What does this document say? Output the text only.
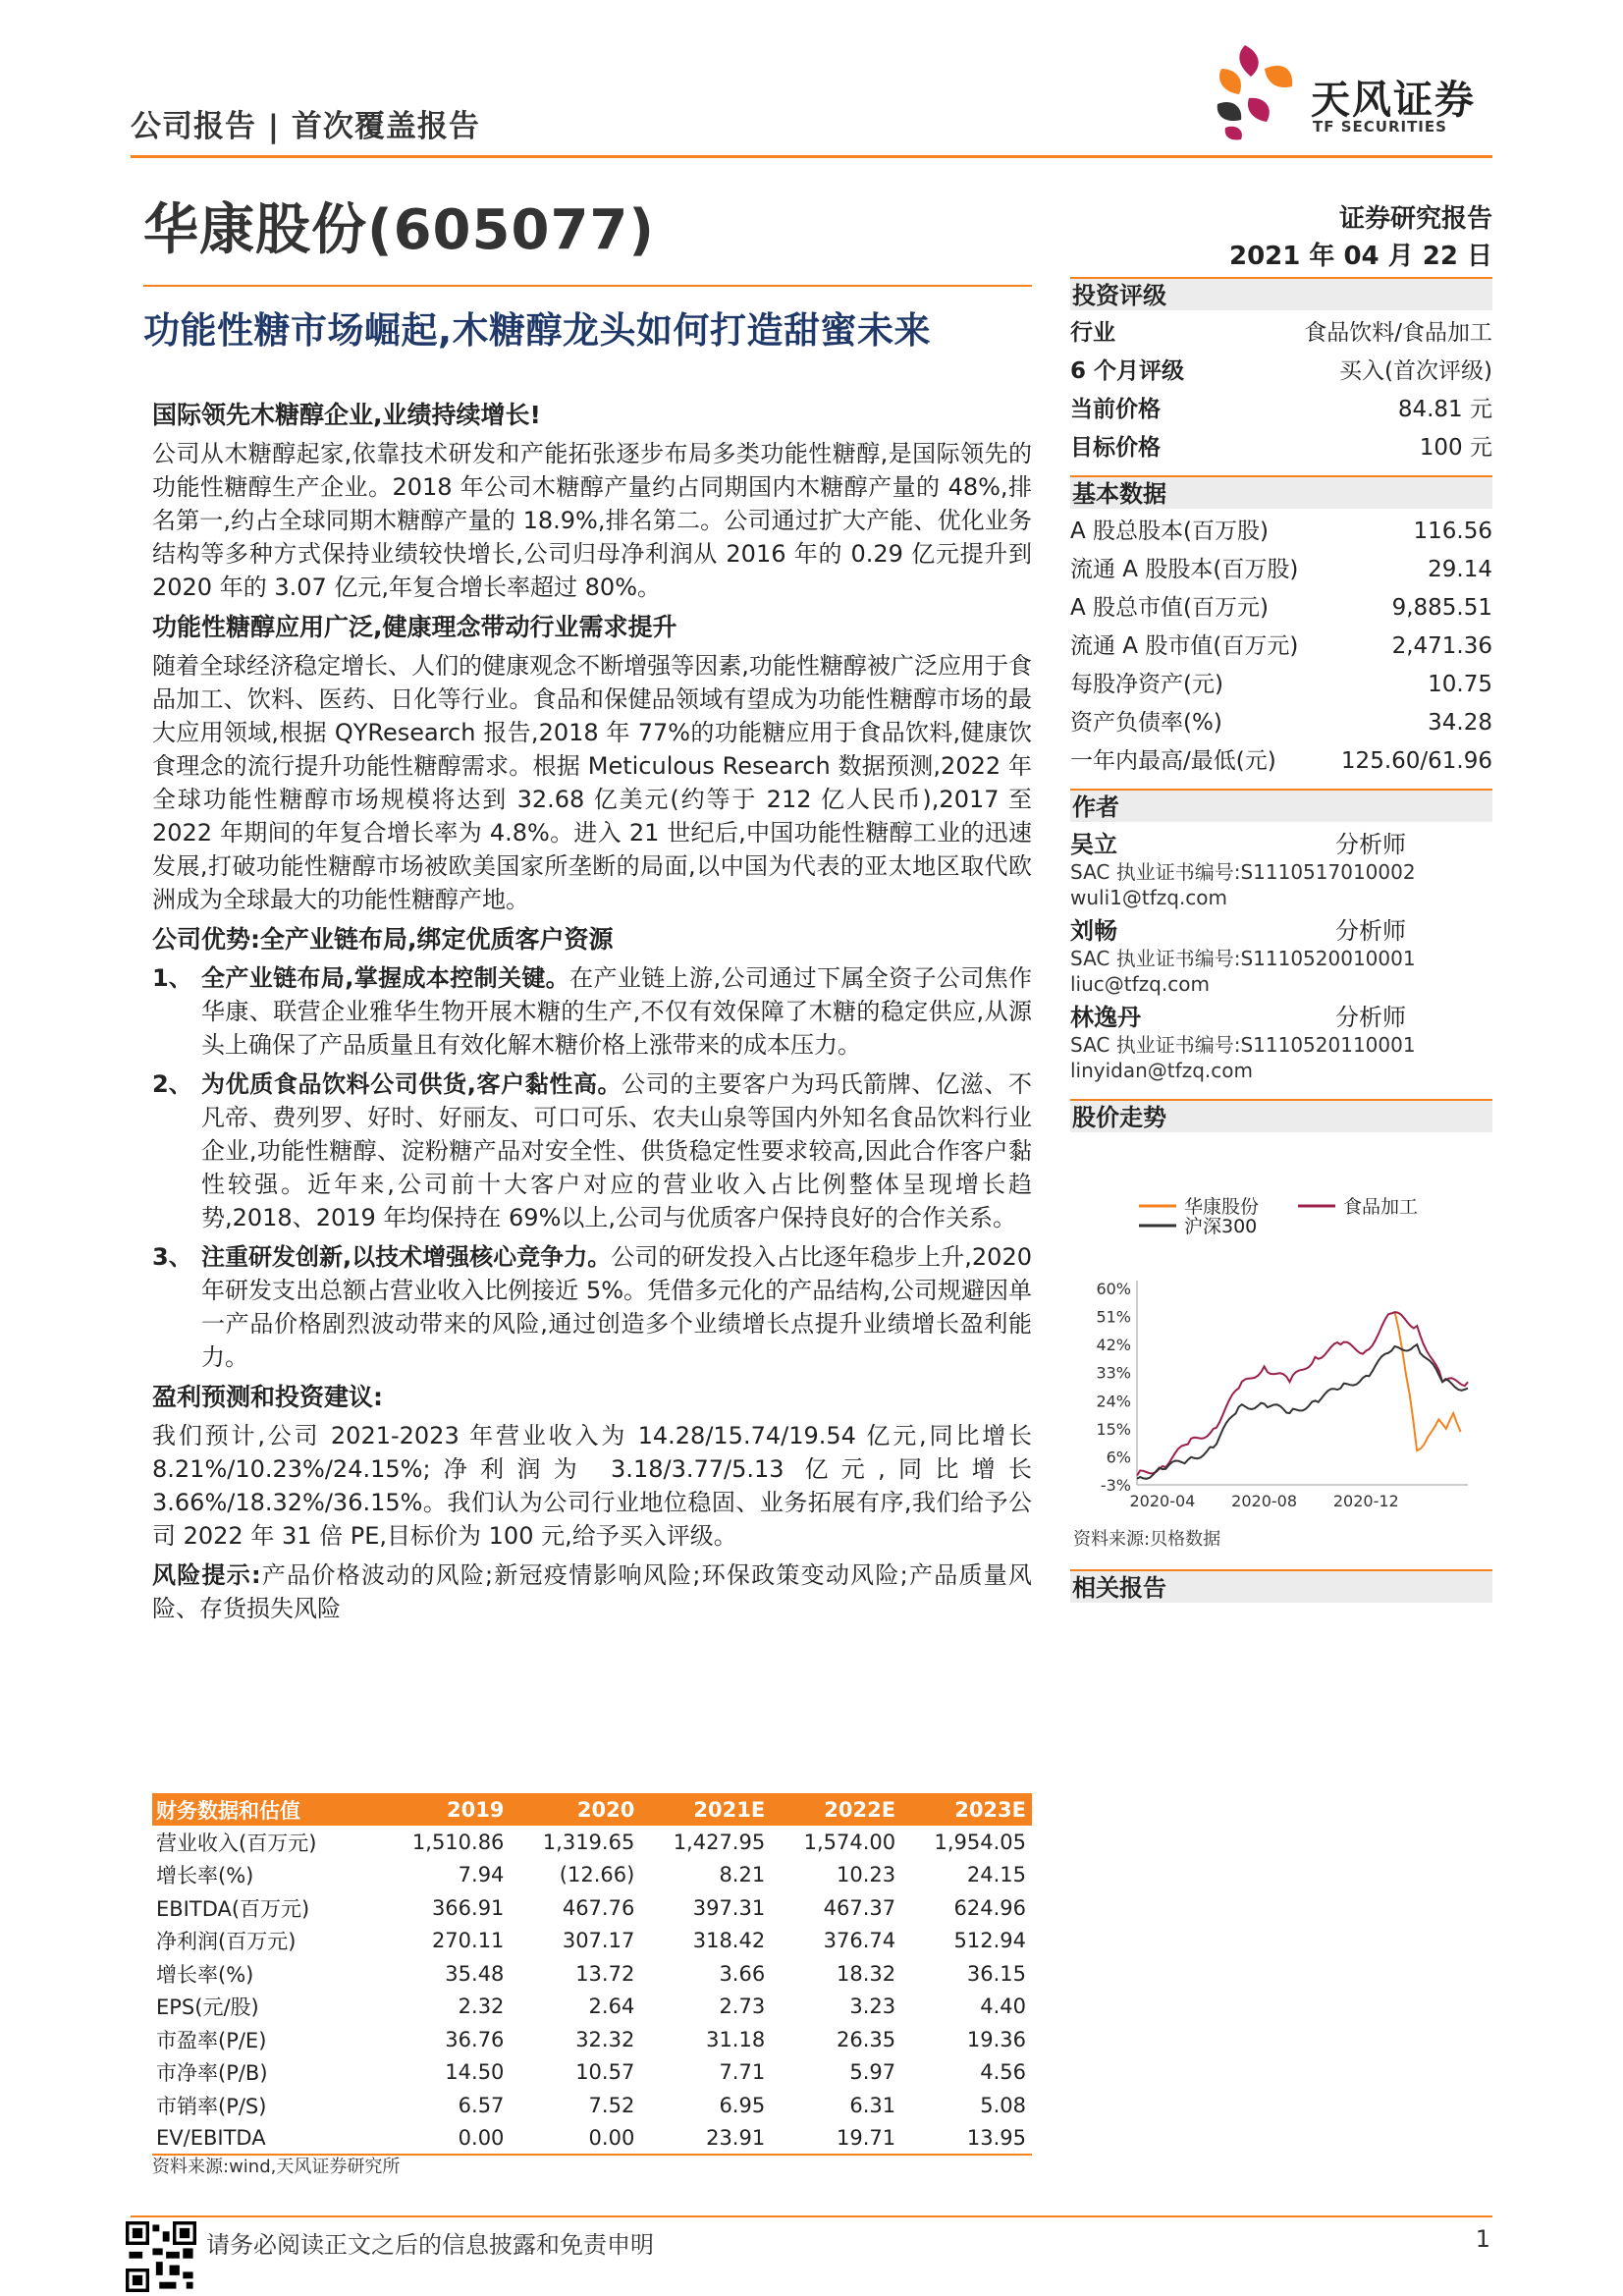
公司报告 | 首次覆盖报告
天风证券
TF SECURITIES
华康股份(605077)
功能性糖市场崛起,木糖醇龙头如何打造甜蜜未来
证券研究报告
2021 年 04 月 22 日
国际领先木糖醇企业,业绩持续增长!
公司从木糖醇起家,依靠技术研发和产能拓张逐步布局多类功能性糖醇,是国际领先的功能性糖醇生产企业。2018 年公司木糖醇产量约占同期国内木糖醇产量的 48%,排名第一,约占全球同期木糖醇产量的 18.9%,排名第二。公司通过扩大产能、优化业务结构等多种方式保持业绩较快增长,公司归母净利润从 2016 年的 0.29 亿元提升到 2020 年的 3.07 亿元,年复合增长率超过 80%。
功能性糖醇应用广泛,健康理念带动行业需求提升
随着全球经济稳定增长、人们的健康观念不断增强等因素,功能性糖醇被广泛应用于食品加工、饮料、医药、日化等行业。食品和保健品领域有望成为功能性糖醇市场的最大应用领域,根据 QYResearch 报告,2018 年 77%的功能糖应用于食品饮料,健康饮食理念的流行提升功能性糖醇需求。根据 Meticulous Research 数据预测,2022 年全球功能性糖醇市场规模将达到 32.68 亿美元(约等于 212 亿人民币),2017 至 2022 年期间的年复合增长率为 4.8%。进入 21 世纪后,中国功能性糖醇工业的迅速发展,打破功能性糖醇市场被欧美国家所垄断的局面,以中国为代表的亚太地区取代欧洲成为全球最大的功能性糖醇产地。
公司优势:全产业链布局,绑定优质客户资源
1、 全产业链布局,掌握成本控制关键。在产业链上游,公司通过下属全资子公司焦作华康、联营企业雅华生物开展木糖的生产,不仅有效保障了木糖的稳定供应,从源头上确保了产品质量且有效化解木糖价格上涨带来的成本压力。
2、 为优质食品饮料公司供货,客户黏性高。公司的主要客户为玛氏箭牌、亿滋、不凡帝、费列罗、好时、好丽友、可口可乐、农夫山泉等国内外知名食品饮料行业企业,功能性糖醇、淀粉糖产品对安全性、供货稳定性要求较高,因此合作客户黏性较强。近年来,公司前十大客户对应的营业收入占比例整体呈现增长趋势,2018、2019 年均保持在 69%以上,公司与优质客户保持良好的合作关系。
3、 注重研发创新,以技术增强核心竞争力。公司的研发投入占比逐年稳步上升,2020 年研发支出总额占营业收入比例接近 5%。凭借多元化的产品结构,公司规避因单一产品价格剧烈波动带来的风险,通过创造多个业绩增长点提升业绩增长盈利能力。
盈利预测和投资建议:
我们预计,公司 2021-2023 年营业收入为 14.28/15.74/19.54 亿元,同比增长 8.21%/10.23%/24.15%;净利润为 3.18/3.77/5.13 亿元,同比增长 3.66%/18.32%/36.15%。我们认为公司行业地位稳固、业务拓展有序,我们给予公司 2022 年 31 倍 PE,目标价为 100 元,给予买入评级。
风险提示:产品价格波动的风险;新冠疫情影响风险;环保政策变动风险;产品质量风险、存货损失风险
财务数据和估值	2019	2020	2021E	2022E	2023E
营业收入(百万元)	1,510.86	1,319.65	1,427.95	1,574.00	1,954.05
增长率(%)	7.94	(12.66)	8.21	10.23	24.15
EBITDA(百万元)	366.91	467.76	397.31	467.37	624.96
净利润(百万元)	270.11	307.17	318.42	376.74	512.94
增长率(%)	35.48	13.72	3.66	18.32	36.15
EPS(元/股)	2.32	2.64	2.73	3.23	4.40
市盈率(P/E)	36.76	32.32	31.18	26.35	19.36
市净率(P/B)	14.50	10.57	7.71	5.97	4.56
市销率(P/S)	6.57	7.52	6.95	6.31	5.08
EV/EBITDA	0.00	0.00	23.91	19.71	13.95
资料来源:wind,天风证券研究所
投资评级
行业	食品饮料/食品加工
6 个月评级	买入(首次评级)
当前价格	84.81 元
目标价格	100 元
基本数据
A 股总股本(百万股)	116.56
流通 A 股股本(百万股)	29.14
A 股总市值(百万元)	9,885.51
流通 A 股市值(百万元)	2,471.36
每股净资产(元)	10.75
资产负债率(%)	34.28
一年内最高/最低(元)	125.60/61.96
作者
吴立	分析师
SAC 执业证书编号:S1110517010002
wuli1@tfzq.com
刘畅	分析师
SAC 执业证书编号:S1110520010001
liuc@tfzq.com
林逸丹	分析师
SAC 执业证书编号:S1110520110001
linyidan@tfzq.com
股价走势
华康股份	食品加工
沪深300
60%
51%
42%
33%
24%
15%
6%
-3%
2020-04 2020-08 2020-12
资料来源:贝格数据
相关报告
请务必阅读正文之后的信息披露和免责申明	1
